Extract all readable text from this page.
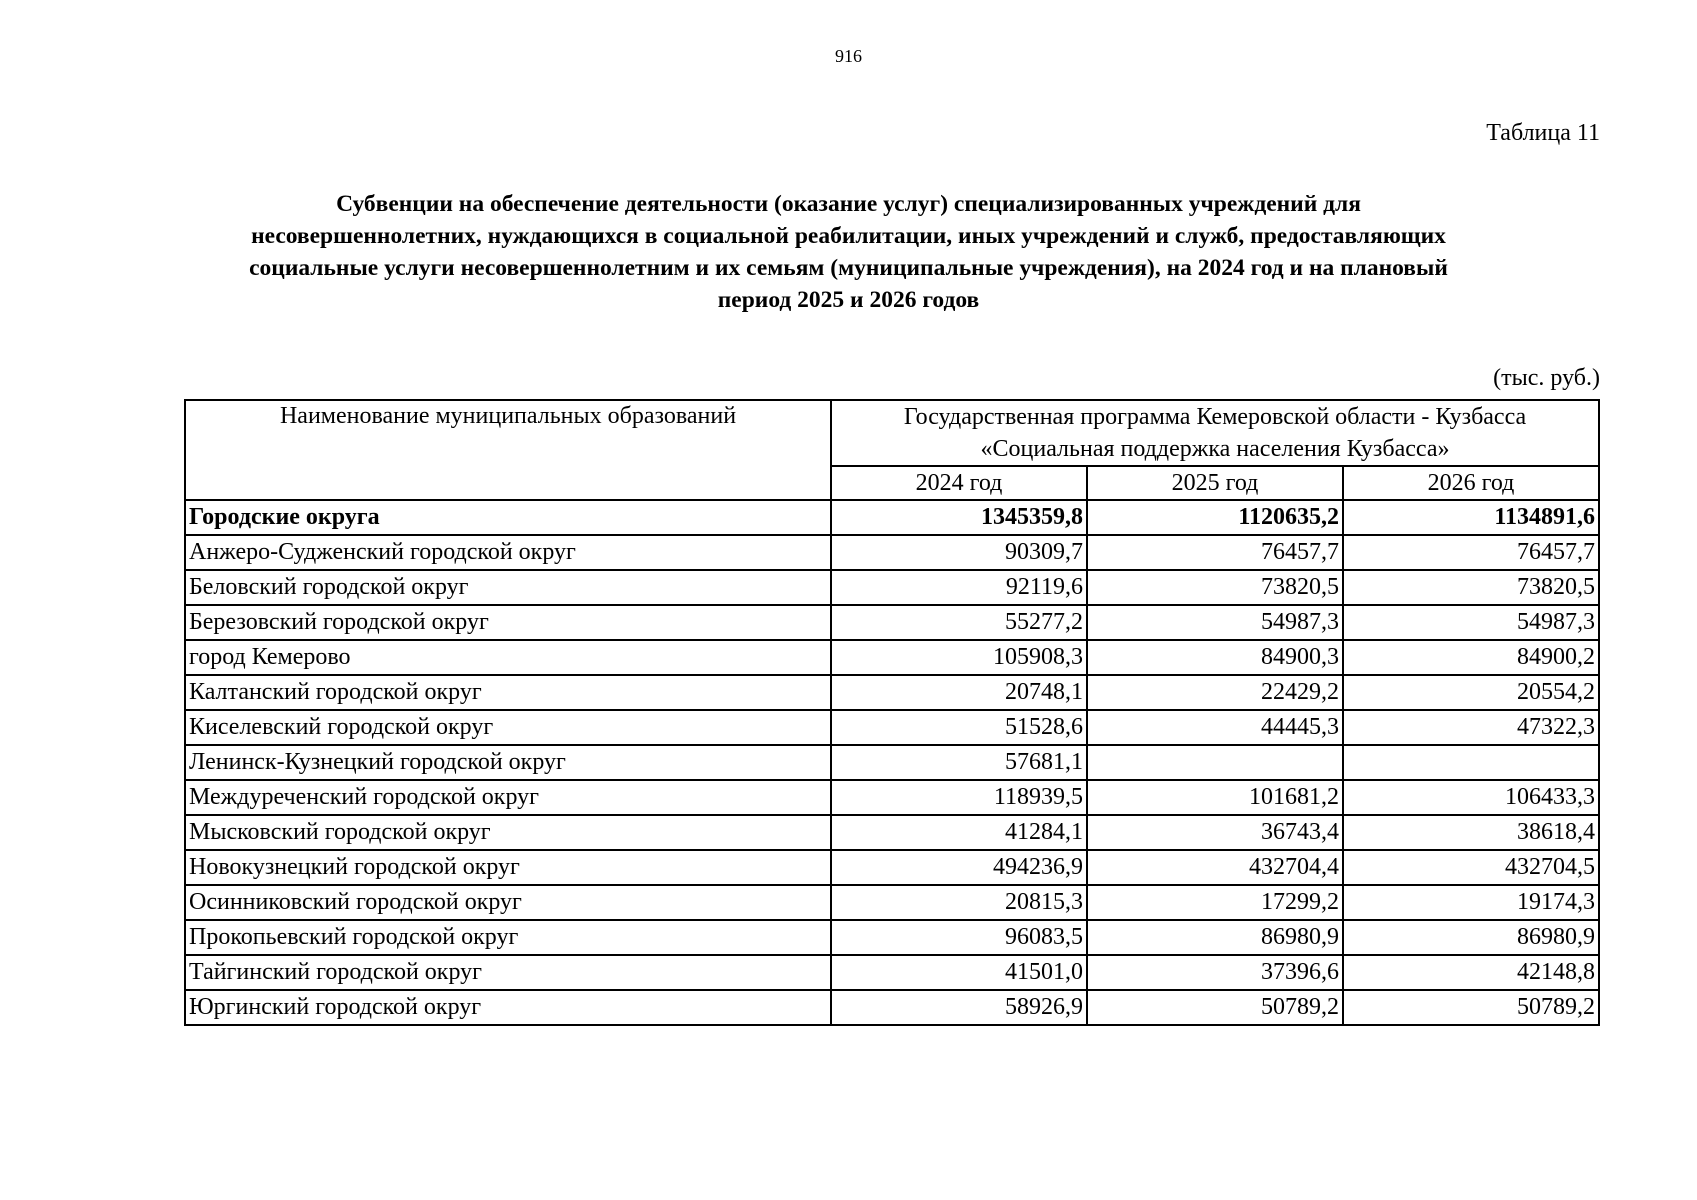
916
Таблица 11
Субвенции на обеспечение деятельности (оказание услуг) специализированных учреждений для
несовершеннолетних, нуждающихся в социальной реабилитации, иных учреждений и служб, предоставляющих
социальные услуги несовершеннолетним и их семьям (муниципальные учреждения), на 2024 год и на плановый
период 2025 и 2026 годов
(тыс. руб.)
Наименование муниципальных образований	Государственная программа Кемеровской области - Кузбасса
«Социальная поддержка населения Кузбасса»		

	2024 год	2025 год	2026 год
Городские округа	1345359,8	1120635,2	1134891,6
Анжеро-Судженский городской округ	90309,7	76457,7	76457,7
Беловский городской округ	92119,6	73820,5	73820,5
Березовский городской округ	55277,2	54987,3	54987,3
город Кемерово	105908,3	84900,3	84900,2
Калтанский городской округ	20748,1	22429,2	20554,2
Киселевский городской округ	51528,6	44445,3	47322,3
Ленинск-Кузнецкий городской округ	57681,1		
Междуреченский городской округ	118939,5	101681,2	106433,3
Мысковский городской округ	41284,1	36743,4	38618,4
Новокузнецкий городской округ	494236,9	432704,4	432704,5
Осинниковский городской округ	20815,3	17299,2	19174,3
Прокопьевский городской округ	96083,5	86980,9	86980,9
Тайгинский городской округ	41501,0	37396,6	42148,8
Юргинский городской округ	58926,9	50789,2	50789,2
